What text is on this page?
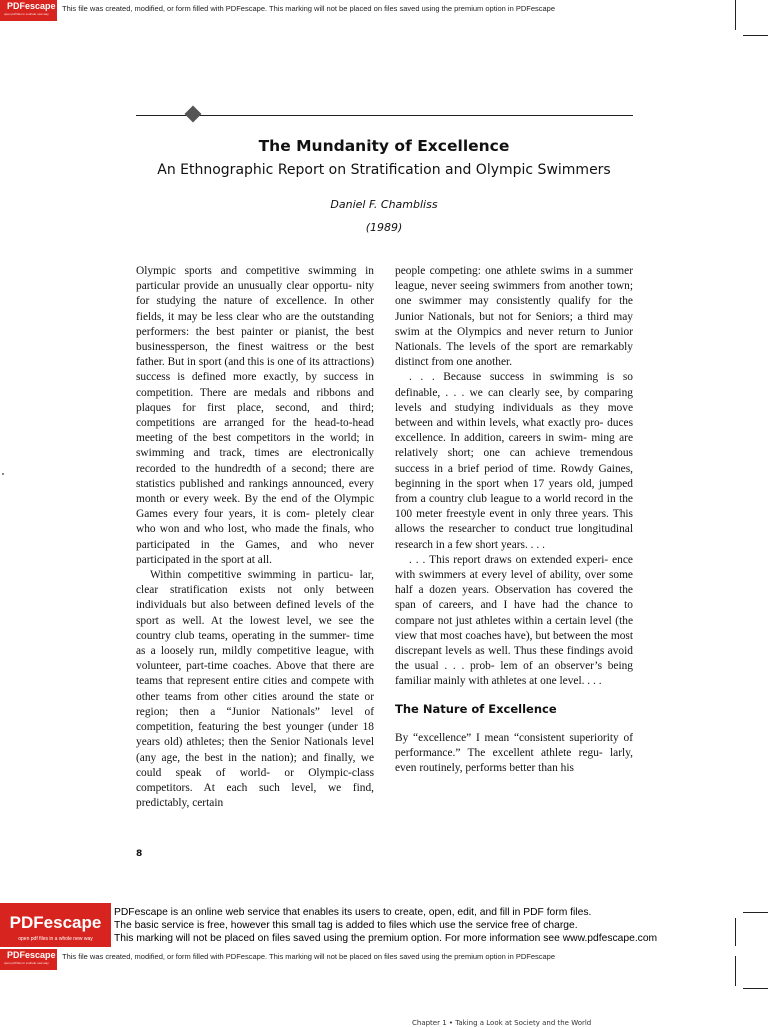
PDFescape
open pdf files in a whole new way
This file was created, modified, or form filled with PDFescape. This marking will not be placed on files saved using the premium option in PDFescape
The Mundanity of Excellence
An Ethnographic Report on Stratification and Olympic Swimmers
Daniel F. Chambliss
(1989)

Olympic sports and competitive swimming in particular provide an unusually clear opportu- nity for studying the nature of excellence. In other fields, it may be less clear who are the outstanding performers: the best painter or pianist, the best businessperson, the finest waitress or the best father. But in sport (and this is one of its attractions) success is defined more exactly, by success in competition. There are medals and ribbons and plaques for first place, second, and third; competitions are arranged for the head-to-head meeting of the best competitors in the world; in swimming and track, times are electronically recorded to the hundredth of a second; there are statistics published and rankings announced, every month or every week. By the end of the Olympic Games every four years, it is com- pletely clear who won and who lost, who made the finals, who participated in the Games, and who never participated in the sport at all.

Within competitive swimming in particu- lar, clear stratification exists not only between individuals but also between defined levels of the sport as well. At the lowest level, we see the country club teams, operating in the summer- time as a loosely run, mildly competitive league, with volunteer, part-time coaches. Above that there are teams that represent entire cities and compete with other teams from other cities around the state or region; then a “Junior Nationals” level of competition, featuring the best younger (under 18 years old) athletes; then the Senior Nationals level (any age, the best in the nation); and finally, we could speak of world- or Olympic-class competitors. At each such level, we find, predictably, certain

people competing: one athlete swims in a summer league, never seeing swimmers from another town; one swimmer may consistently qualify for the Junior Nationals, but not for Seniors; a third may swim at the Olympics and never return to Junior Nationals. The levels of the sport are remarkably distinct from one another.

. . . Because success in swimming is so definable, . . . we can clearly see, by comparing levels and studying individuals as they move between and within levels, what exactly pro- duces excellence. In addition, careers in swim- ming are relatively short; one can achieve tremendous success in a brief period of time. Rowdy Gaines, beginning in the sport when 17 years old, jumped from a country club league to a world record in the 100 meter freestyle event in only three years. This allows the researcher to conduct true longitudinal research in a few short years. . . .

. . . This report draws on extended experi- ence with swimmers at every level of ability, over some half a dozen years. Observation has covered the span of careers, and I have had the chance to compare not just athletes within a certain level (the view that most coaches have), but between the most discrepant levels as well. Thus these findings avoid the usual . . . prob- lem of an observer’s being familiar mainly with athletes at one level. . . .

The Nature of Excellence

By “excellence” I mean “consistent superiority of performance.” The excellent athlete regu- larly, even routinely, performs better than his

8
PDFescape
open pdf files in a whole new way
PDFescape is an online web service that enables its users to create, open, edit, and fill in PDF form files.
The basic service is free, however this small tag is added to files which use the service free of charge.
This marking will not be placed on files saved using the premium option. For more information see www.pdfescape.com
PDFescape
open pdf files in a whole new way
This file was created, modified, or form filled with PDFescape. This marking will not be placed on files saved using the premium option in PDFescape
Chapter 1 • Taking a Look at Society and the World
